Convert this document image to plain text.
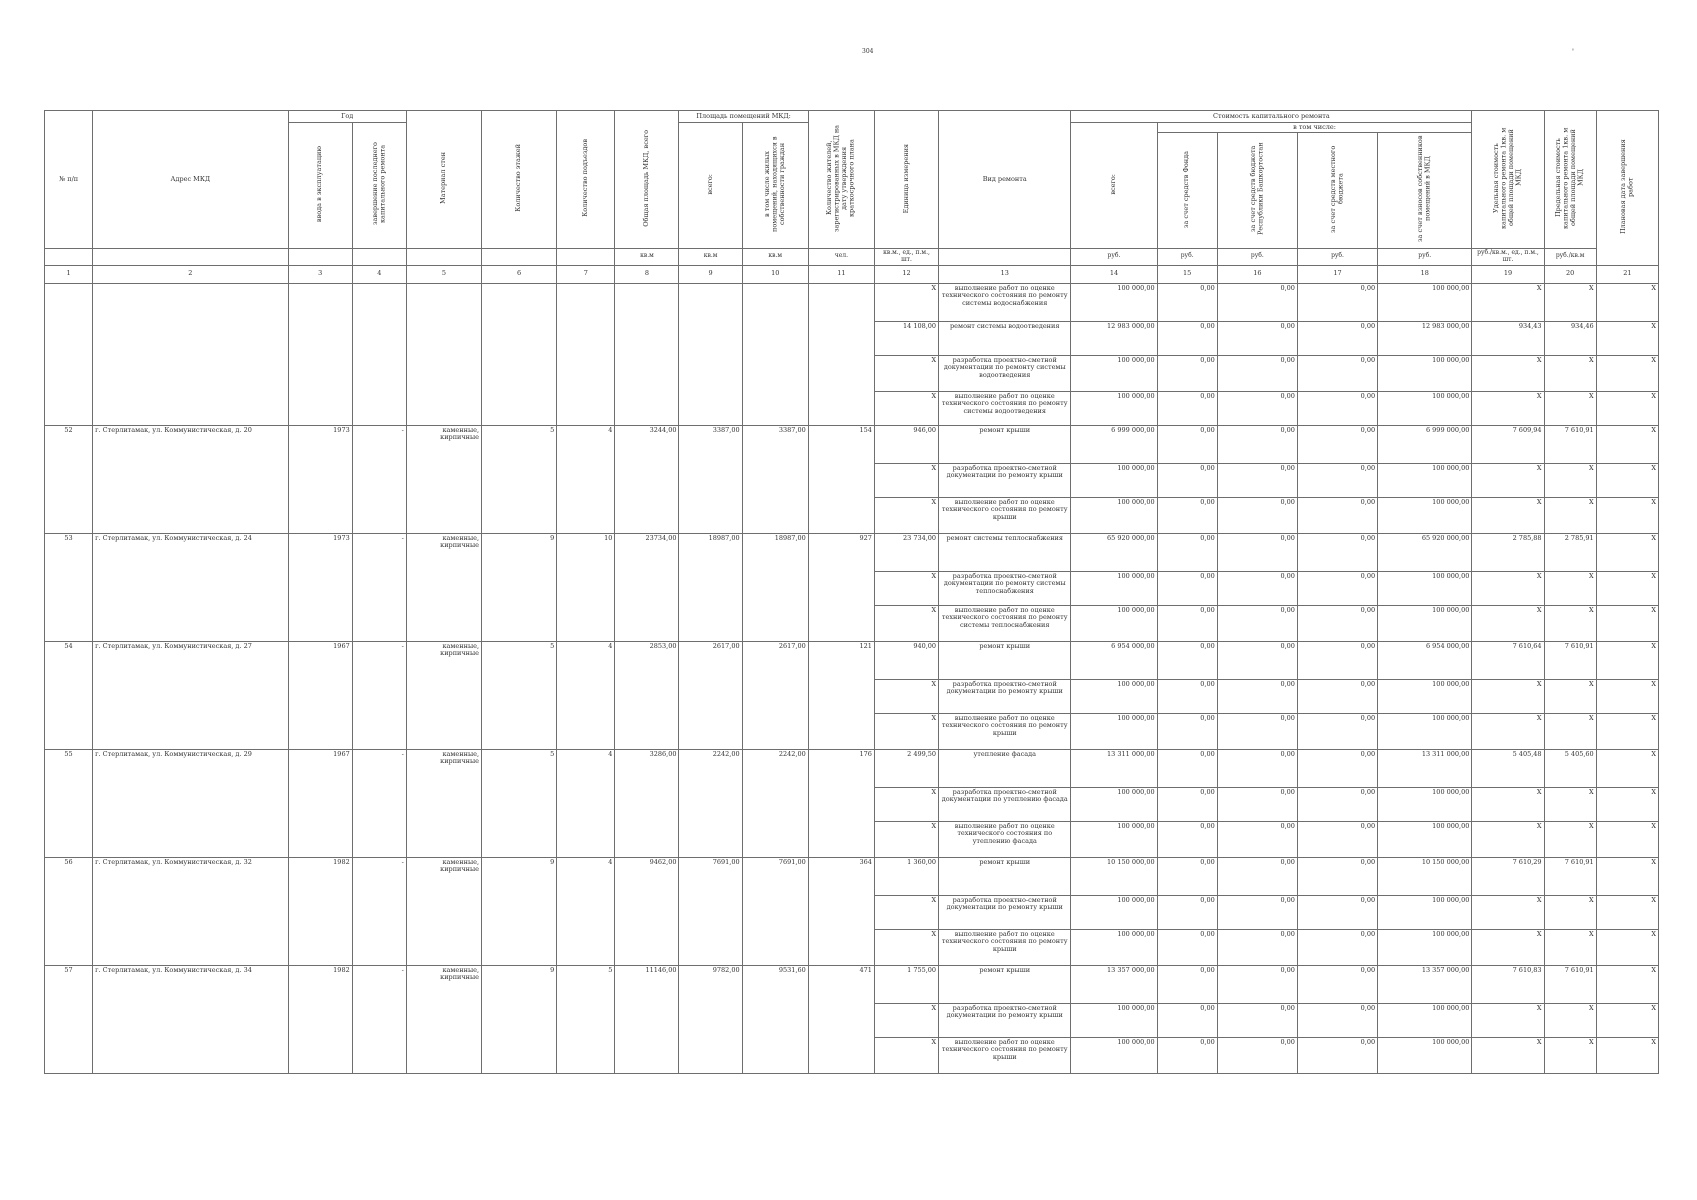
304	'
№ п/п	Адрес МКД	Год		Материал стен	Количество этажей	Количество подъездов	Общая площадь МКД, всего	Площадь помещений МКД:		Количество жителей, зарегистрированных в МКД на дату утверждения краткосрочного плана	Единица измерения	Вид ремонта	Стоимость капитального ремонта					Удельная стоимость капитального ремонта 1кв. м общей площади помещений МКД	Предельная стоимость капитального ремонта 1кв. м общей площади помещений МКД	Плановая дата завершения работ
		ввода в эксплуатацию	завершение последнего капитального ремонта					всего:	в том числе жилых помещений, находящихся в собственности граждан				всего:	в том числе:						
														за счет средств Фонда	за счет средств бюджета Республики Башкортостан	за счет средств местного бюджета	за счет взносов собственников помещений в МКД			
							кв.м	кв.м	кв.м	чел.	кв.м., ед., п.м., шт.		руб.	руб.	руб.	руб.	руб.	руб./кв.м., ед., п.м., шт.	руб./кв.м	
1	2	3	4	5	6	7	8	9	10	11	12	13	14	15	16	17	18	19	20	21
											X	выполнение работ по оценке технического состояния по ремонту системы водоснабжения	100 000,00	0,00	0,00	0,00	100 000,00	X	X	X
											14 108,00	ремонт системы водоотведения	12 983 000,00	0,00	0,00	0,00	12 983 000,00	934,43	934,46	X
											X	разработка проектно-сметной документации по ремонту системы водоотведения	100 000,00	0,00	0,00	0,00	100 000,00	X	X	X
											X	выполнение работ по оценке технического состояния по ремонту системы водоотведения	100 000,00	0,00	0,00	0,00	100 000,00	X	X	X
52	г. Стерлитамак, ул. Коммунистическая, д. 20	1973	-	каменные, кирпичные	5	4	3244,00	3387,00	3387,00	154	946,00	ремонт крыши	6 999 000,00	0,00	0,00	0,00	6 999 000,00	7 609,94	7 610,91	X
											X	разработка проектно-сметной документации по ремонту крыши	100 000,00	0,00	0,00	0,00	100 000,00	X	X	X
											X	выполнение работ по оценке технического состояния по ремонту крыши	100 000,00	0,00	0,00	0,00	100 000,00	X	X	X
53	г. Стерлитамак, ул. Коммунистическая, д. 24	1973	-	каменные, кирпичные	9	10	23734,00	18987,00	18987,00	927	23 734,00	ремонт системы теплоснабжения	65 920 000,00	0,00	0,00	0,00	65 920 000,00	2 785,88	2 785,91	X
											X	разработка проектно-сметной документации по ремонту системы теплоснабжения	100 000,00	0,00	0,00	0,00	100 000,00	X	X	X
											X	выполнение работ по оценке технического состояния по ремонту системы теплоснабжения	100 000,00	0,00	0,00	0,00	100 000,00	X	X	X
54	г. Стерлитамак, ул. Коммунистическая, д. 27	1967	-	каменные, кирпичные	5	4	2853,00	2617,00	2617,00	121	940,00	ремонт крыши	6 954 000,00	0,00	0,00	0,00	6 954 000,00	7 610,64	7 610,91	X
											X	разработка проектно-сметной документации по ремонту крыши	100 000,00	0,00	0,00	0,00	100 000,00	X	X	X
											X	выполнение работ по оценке технического состояния по ремонту крыши	100 000,00	0,00	0,00	0,00	100 000,00	X	X	X
55	г. Стерлитамак, ул. Коммунистическая, д. 29	1967	-	каменные, кирпичные	5	4	3286,00	2242,00	2242,00	176	2 499,50	утепление фасада	13 311 000,00	0,00	0,00	0,00	13 311 000,00	5 405,48	5 405,60	X
											X	разработка проектно-сметной документации по утеплению фасада	100 000,00	0,00	0,00	0,00	100 000,00	X	X	X
											X	выполнение работ по оценке технического состояния по утеплению фасада	100 000,00	0,00	0,00	0,00	100 000,00	X	X	X
56	г. Стерлитамак, ул. Коммунистическая, д. 32	1982	-	каменные, кирпичные	9	4	9462,00	7691,00	7691,00	364	1 360,00	ремонт крыши	10 150 000,00	0,00	0,00	0,00	10 150 000,00	7 610,29	7 610,91	X
											X	разработка проектно-сметной документации по ремонту крыши	100 000,00	0,00	0,00	0,00	100 000,00	X	X	X
											X	выполнение работ по оценке технического состояния по ремонту крыши	100 000,00	0,00	0,00	0,00	100 000,00	X	X	X
57	г. Стерлитамак, ул. Коммунистическая, д. 34	1982	-	каменные, кирпичные	9	5	11146,00	9782,00	9531,60	471	1 755,00	ремонт крыши	13 357 000,00	0,00	0,00	0,00	13 357 000,00	7 610,83	7 610,91	X
											X	разработка проектно-сметной документации по ремонту крыши	100 000,00	0,00	0,00	0,00	100 000,00	X	X	X
											X	выполнение работ по оценке технического состояния по ремонту крыши	100 000,00	0,00	0,00	0,00	100 000,00	X	X	X
